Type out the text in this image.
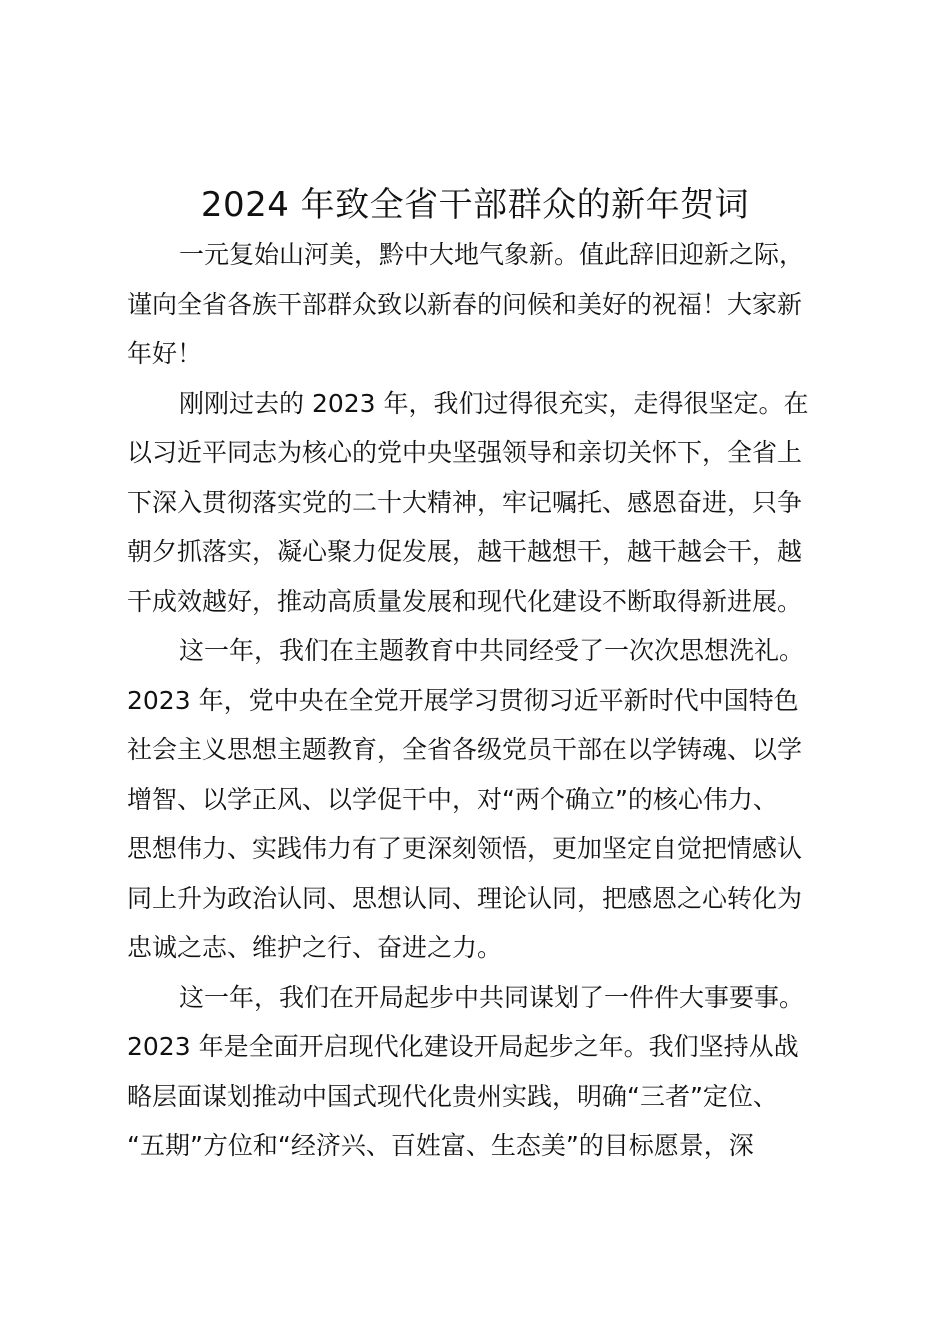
2024 年致全省干部群众的新年贺词
一元复始山河美，黔中大地气象新。值此辞旧迎新之际，
谨向全省各族干部群众致以新春的问候和美好的祝福！大家新
年好！
刚刚过去的 2023 年，我们过得很充实，走得很坚定。在
以习近平同志为核心的党中央坚强领导和亲切关怀下，全省上
下深入贯彻落实党的二十大精神，牢记嘱托、感恩奋进，只争
朝夕抓落实，凝心聚力促发展，越干越想干，越干越会干，越
干成效越好，推动高质量发展和现代化建设不断取得新进展。
这一年，我们在主题教育中共同经受了一次次思想洗礼。
2023 年，党中央在全党开展学习贯彻习近平新时代中国特色
社会主义思想主题教育，全省各级党员干部在以学铸魂、以学
增智、以学正风、以学促干中，对“两个确立”的核心伟力、
思想伟力、实践伟力有了更深刻领悟，更加坚定自觉把情感认
同上升为政治认同、思想认同、理论认同，把感恩之心转化为
忠诚之志、维护之行、奋进之力。
这一年，我们在开局起步中共同谋划了一件件大事要事。
2023 年是全面开启现代化建设开局起步之年。我们坚持从战
略层面谋划推动中国式现代化贵州实践，明确“三者”定位、
“五期”方位和“经济兴、百姓富、生态美”的目标愿景，深
